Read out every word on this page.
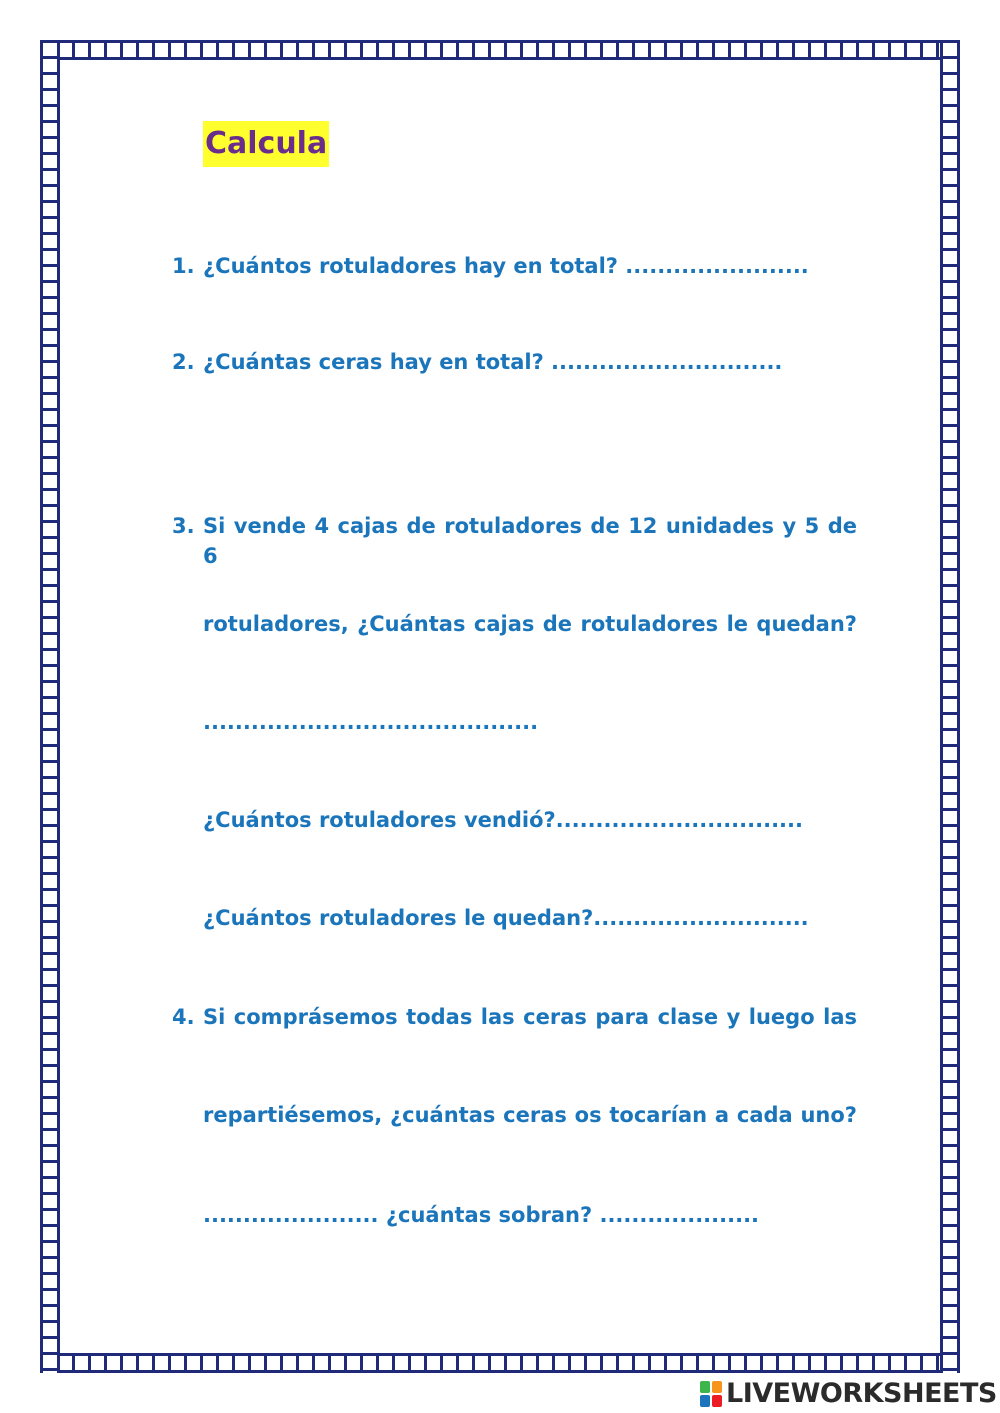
Calcula
1. ¿Cuántos rotuladores hay en total? .......................
2. ¿Cuántas ceras hay en total? .............................
3. Si vende 4 cajas de rotuladores de 12 unidades y 5 de 6
rotuladores, ¿Cuántas cajas de rotuladores le quedan?
..........................................
¿Cuántos rotuladores vendió?...............................
¿Cuántos rotuladores le quedan?...........................
4. Si comprásemos todas las ceras para clase y luego las
repartiésemos, ¿cuántas ceras os tocarían a cada uno?
...................... ¿cuántas sobran? ....................
LIVEWORKSHEETS
